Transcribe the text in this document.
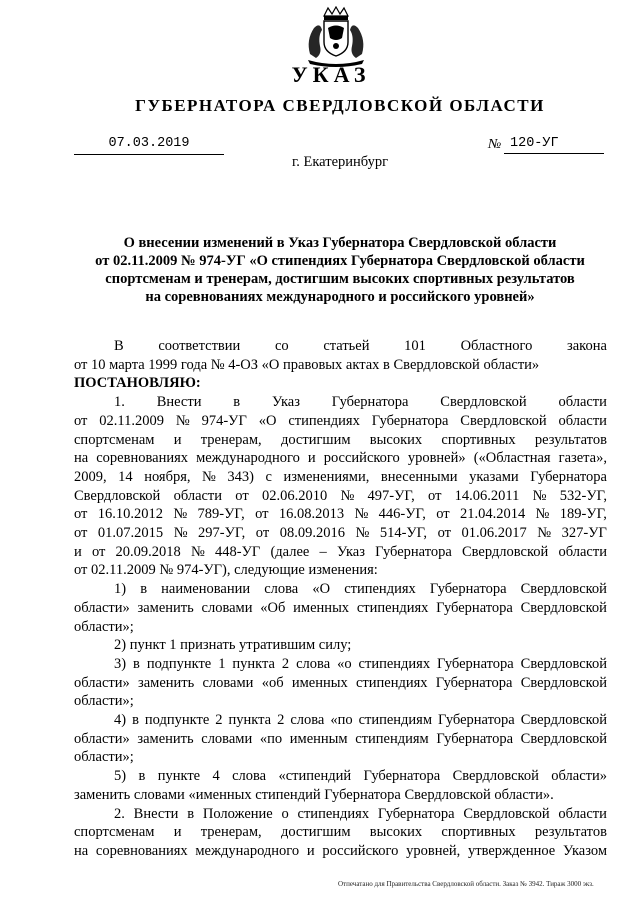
УКАЗ
ГУБЕРНАТОРА СВЕРДЛОВСКОЙ ОБЛАСТИ
07.03.2019	№ 120-УГ
г. Екатеринбург
О внесении изменений в Указ Губернатора Свердловской области
от 02.11.2009 № 974-УГ «О стипендиях Губернатора Свердловской области
спортсменам и тренерам, достигшим высоких спортивных результатов
на соревнованиях международного и российского уровней»
В соответствии со статьей 101 Областного закона
от 10 марта 1999 года № 4-ОЗ «О правовых актах в Свердловской области»
ПОСТАНОВЛЯЮ:
1. Внести в Указ Губернатора Свердловской области
от 02.11.2009 № 974-УГ «О стипендиях Губернатора Свердловской области
спортсменам и тренерам, достигшим высоких спортивных результатов
на соревнованиях международного и российского уровней» («Областная газета»,
2009, 14 ноября, № 343) с изменениями, внесенными указами Губернатора
Свердловской области от 02.06.2010 № 497-УГ, от 14.06.2011 № 532-УГ,
от 16.10.2012 № 789-УГ, от 16.08.2013 № 446-УГ, от 21.04.2014 № 189-УГ,
от 01.07.2015 № 297-УГ, от 08.09.2016 № 514-УГ, от 01.06.2017 № 327-УГ
и от 20.09.2018 № 448-УГ (далее – Указ Губернатора Свердловской области
от 02.11.2009 № 974-УГ), следующие изменения:
1) в наименовании слова «О стипендиях Губернатора Свердловской
области» заменить словами «Об именных стипендиях Губернатора Свердловской
области»;
2) пункт 1 признать утратившим силу;
3) в подпункте 1 пункта 2 слова «о стипендиях Губернатора Свердловской
области» заменить словами «об именных стипендиях Губернатора Свердловской
области»;
4) в подпункте 2 пункта 2 слова «по стипендиям Губернатора Свердловской
области» заменить словами «по именным стипендиям Губернатора Свердловской
области»;
5) в пункте 4 слова «стипендий Губернатора Свердловской области»
заменить словами «именных стипендий Губернатора Свердловской области».
2. Внести в Положение о стипендиях Губернатора Свердловской области
спортсменам и тренерам, достигшим высоких спортивных результатов
на соревнованиях международного и российского уровней, утвержденное Указом
Отпечатано для Правительства Свердловской области. Заказ № 3942. Тираж 3000 экз.
